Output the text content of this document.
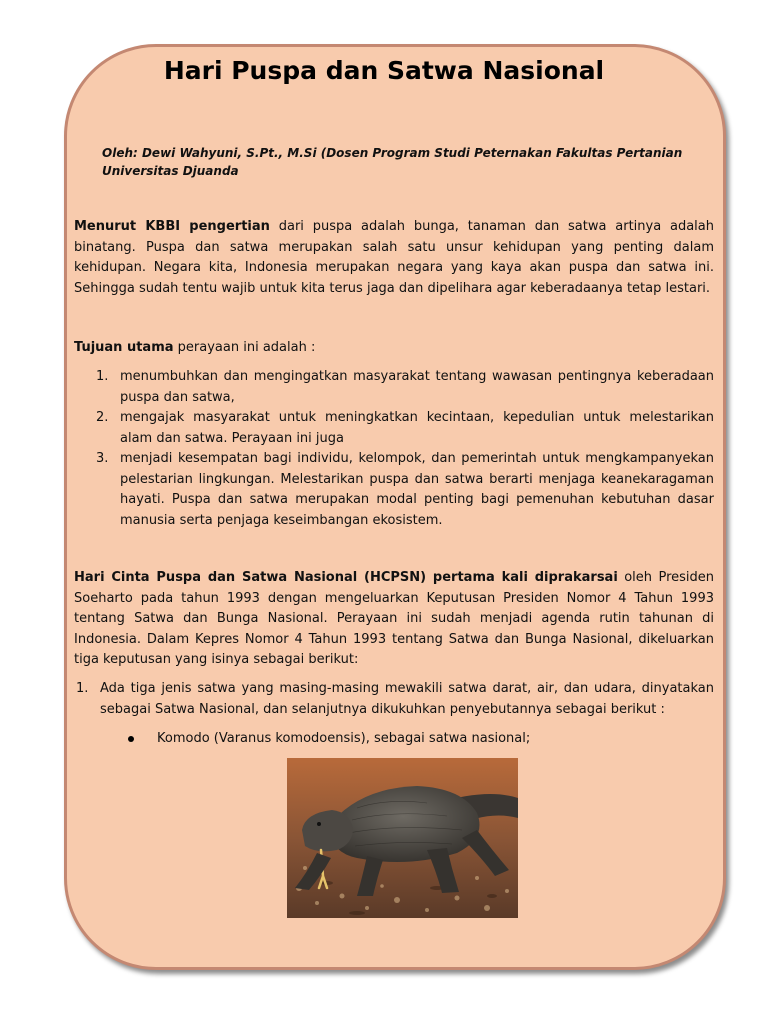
Hari Puspa dan Satwa Nasional
Oleh: Dewi Wahyuni, S.Pt., M.Si (Dosen Program Studi Peternakan Fakultas Pertanian Universitas Djuanda
Menurut KBBI pengertian dari puspa adalah bunga, tanaman dan satwa artinya adalah binatang. Puspa dan satwa merupakan salah satu unsur kehidupan yang penting dalam kehidupan. Negara kita, Indonesia merupakan negara yang kaya akan puspa dan satwa ini. Sehingga sudah tentu wajib untuk kita terus jaga dan dipelihara agar keberadaanya tetap lestari.
Tujuan utama perayaan ini adalah :
1. menumbuhkan dan mengingatkan masyarakat tentang wawasan pentingnya keberadaan puspa dan satwa,
2. mengajak masyarakat untuk meningkatkan kecintaan, kepedulian untuk melestarikan alam dan satwa. Perayaan ini juga
3. menjadi kesempatan bagi individu, kelompok, dan pemerintah untuk mengkampanyekan pelestarian lingkungan. Melestarikan puspa dan satwa berarti menjaga keanekaragaman hayati. Puspa dan satwa merupakan modal penting bagi pemenuhan kebutuhan dasar manusia serta penjaga keseimbangan ekosistem.
Hari Cinta Puspa dan Satwa Nasional (HCPSN) pertama kali diprakarsai oleh Presiden Soeharto pada tahun 1993 dengan mengeluarkan Keputusan Presiden Nomor 4 Tahun 1993 tentang Satwa dan Bunga Nasional. Perayaan ini sudah menjadi agenda rutin tahunan di Indonesia. Dalam Kepres Nomor 4 Tahun 1993 tentang Satwa dan Bunga Nasional, dikeluarkan tiga keputusan yang isinya sebagai berikut:
1. Ada tiga jenis satwa yang masing-masing mewakili satwa darat, air, dan udara, dinyatakan sebagai Satwa Nasional, dan selanjutnya dikukuhkan penyebutannya sebagai berikut :
Komodo (Varanus komodoensis), sebagai satwa nasional;
